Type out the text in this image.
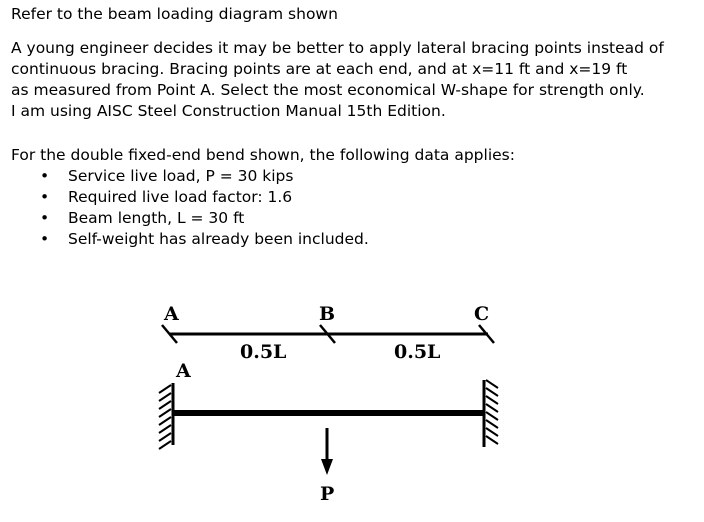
Refer to the beam loading diagram shown
A young engineer decides it may be better to apply lateral bracing points instead of
continuous bracing. Bracing points are at each end, and at x=11 ft and x=19 ft
as measured from Point A. Select the most economical W-shape for strength only.
I am using AISC Steel Construction Manual 15th Edition.
For the double fixed-end bend shown, the following data applies:
• Service live load, P = 30 kips
• Required live load factor: 1.6
• Beam length, L = 30 ft
• Self-weight has already been included.
A	B	C
0.5L	0.5L
A
P
